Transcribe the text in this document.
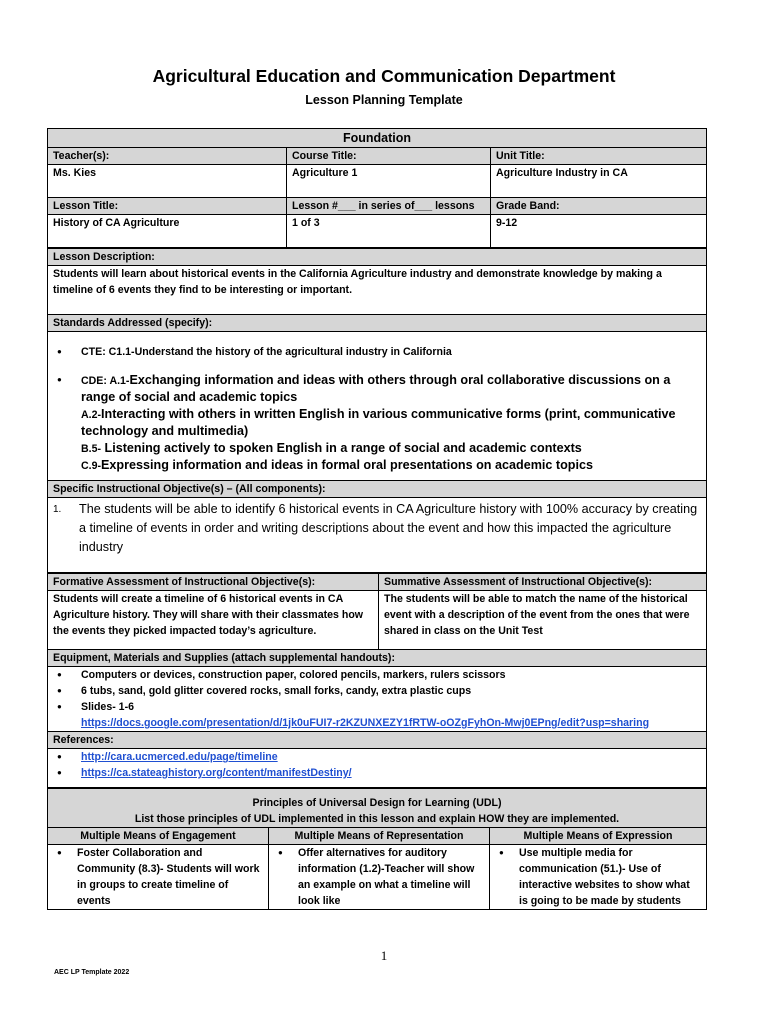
Agricultural Education and Communication Department
Lesson Planning Template
Foundation
Teacher(s):	Course Title:	Unit Title:
Ms. Kies	Agriculture 1	Agriculture Industry in CA
Lesson Title:	Lesson #___ in series of___ lessons	Grade Band:
History of CA Agriculture	1 of 3	9-12
Lesson Description:
Students will learn about historical events in the California Agriculture industry and demonstrate knowledge by making a timeline of 6 events they find to be interesting or important.
Standards Addressed (specify):
● CTE: C1.1-Understand the history of the agricultural industry in California
● CDE: A.1-Exchanging information and ideas with others through oral collaborative discussions on a range of social and academic topics
A.2-Interacting with others in written English in various communicative forms (print, communicative technology and multimedia)
B.5- Listening actively to spoken English in a range of social and academic contexts
C.9-Expressing information and ideas in formal oral presentations on academic topics
Specific Instructional Objective(s) – (All components):
1.	The students will be able to identify 6 historical events in CA Agriculture history with 100% accuracy by creating a timeline of events in order and writing descriptions about the event and how this impacted the agriculture industry
Formative Assessment of Instructional Objective(s):	Summative Assessment of Instructional Objective(s):
Students will create a timeline of 6 historical events in CA Agriculture history. They will share with their classmates how the events they picked impacted today’s agriculture.
The students will be able to match the name of the historical event with a description of the event from the ones that were shared in class on the Unit Test
Equipment, Materials and Supplies (attach supplemental handouts):
● Computers or devices, construction paper, colored pencils, markers, rulers scissors
● 6 tubs, sand, gold glitter covered rocks, small forks, candy, extra plastic cups
● Slides- 1-6
https://docs.google.com/presentation/d/1jk0uFUI7-r2KZUNXEZY1fRTW-oOZgFyhOn-Mwj0EPng/edit?usp=sharing
References:
● http://cara.ucmerced.edu/page/timeline
● https://ca.stateaghistory.org/content/manifestDestiny/
Principles of Universal Design for Learning (UDL)
List those principles of UDL implemented in this lesson and explain HOW they are implemented.
Multiple Means of Engagement	Multiple Means of Representation	Multiple Means of Expression
● Foster Collaboration and Community (8.3)- Students will work in groups to create timeline of events
● Offer alternatives for auditory information (1.2)-Teacher will show an example on what a timeline will look like
● Use multiple media for communication (51.)- Use of interactive websites to show what is going to be made by students
1
AEC LP Template 2022
